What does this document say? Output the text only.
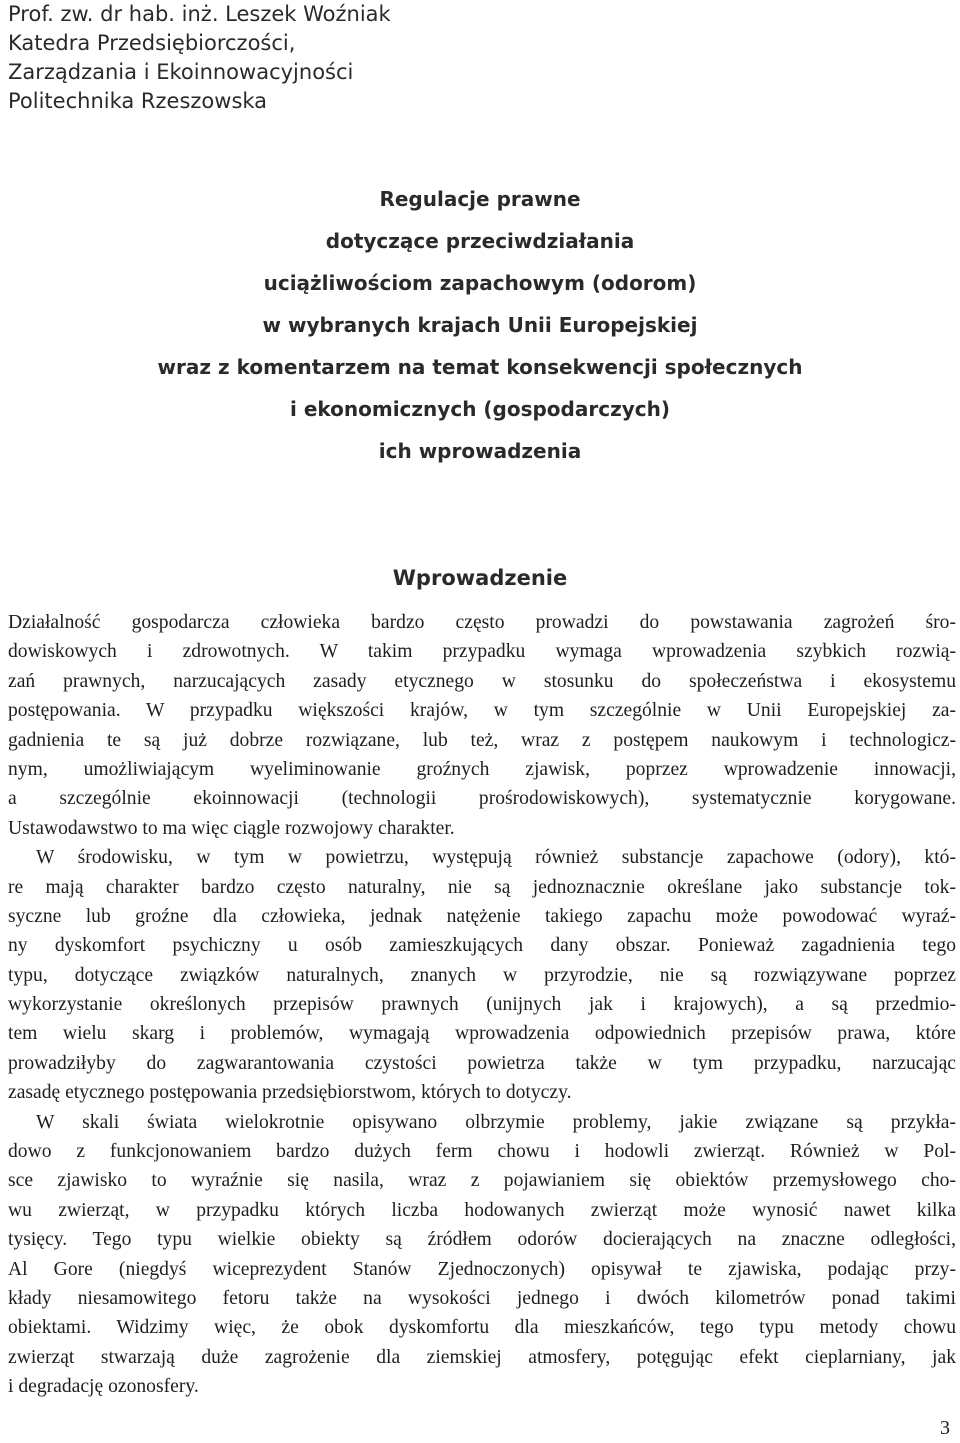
Prof. zw. dr hab. inż. Leszek Woźniak
Katedra Przedsiębiorczości,
Zarządzania i Ekoinnowacyjności
Politechnika Rzeszowska
Regulacje prawne
dotyczące przeciwdziałania
uciążliwościom zapachowym (odorom)
w wybranych krajach Unii Europejskiej
wraz z komentarzem na temat konsekwencji społecznych
i ekonomicznych (gospodarczych)
ich wprowadzenia
Wprowadzenie
Działalność gospodarcza człowieka bardzo często prowadzi do powstawania zagrożeń śro-
dowiskowych i zdrowotnych. W takim przypadku wymaga wprowadzenia szybkich rozwią-
zań prawnych, narzucających zasady etycznego w stosunku do społeczeństwa i ekosystemu
postępowania. W przypadku większości krajów, w tym szczególnie w Unii Europejskiej za-
gadnienia te są już dobrze rozwiązane, lub też, wraz z postępem naukowym i technologicz-
nym, umożliwiającym wyeliminowanie groźnych zjawisk, poprzez wprowadzenie innowacji,
a szczególnie ekoinnowacji (technologii prośrodowiskowych), systematycznie korygowane.
Ustawodawstwo to ma więc ciągle rozwojowy charakter.
W środowisku, w tym w powietrzu, występują również substancje zapachowe (odory), któ-
re mają charakter bardzo często naturalny, nie są jednoznacznie określane jako substancje tok-
syczne lub groźne dla człowieka, jednak natężenie takiego zapachu może powodować wyraź-
ny dyskomfort psychiczny u osób zamieszkujących dany obszar. Ponieważ zagadnienia tego
typu, dotyczące związków naturalnych, znanych w przyrodzie, nie są rozwiązywane poprzez
wykorzystanie określonych przepisów prawnych (unijnych jak i krajowych), a są przedmio-
tem wielu skarg i problemów, wymagają wprowadzenia odpowiednich przepisów prawa, które
prowadziłyby do zagwarantowania czystości powietrza także w tym przypadku, narzucając
zasadę etycznego postępowania przedsiębiorstwom, których to dotyczy.
W skali świata wielokrotnie opisywano olbrzymie problemy, jakie związane są przykła-
dowo z funkcjonowaniem bardzo dużych ferm chowu i hodowli zwierząt. Również w Pol-
sce zjawisko to wyraźnie się nasila, wraz z pojawianiem się obiektów przemysłowego cho-
wu zwierząt, w przypadku których liczba hodowanych zwierząt może wynosić nawet kilka
tysięcy. Tego typu wielkie obiekty są źródłem odorów docierających na znaczne odległości,
Al Gore (niegdyś wiceprezydent Stanów Zjednoczonych) opisywał te zjawiska, podając przy-
kłady niesamowitego fetoru także na wysokości jednego i dwóch kilometrów ponad takimi
obiektami. Widzimy więc, że obok dyskomfortu dla mieszkańców, tego typu metody chowu
zwierząt stwarzają duże zagrożenie dla ziemskiej atmosfery, potęgując efekt cieplarniany, jak
i degradację ozonosfery.
3
